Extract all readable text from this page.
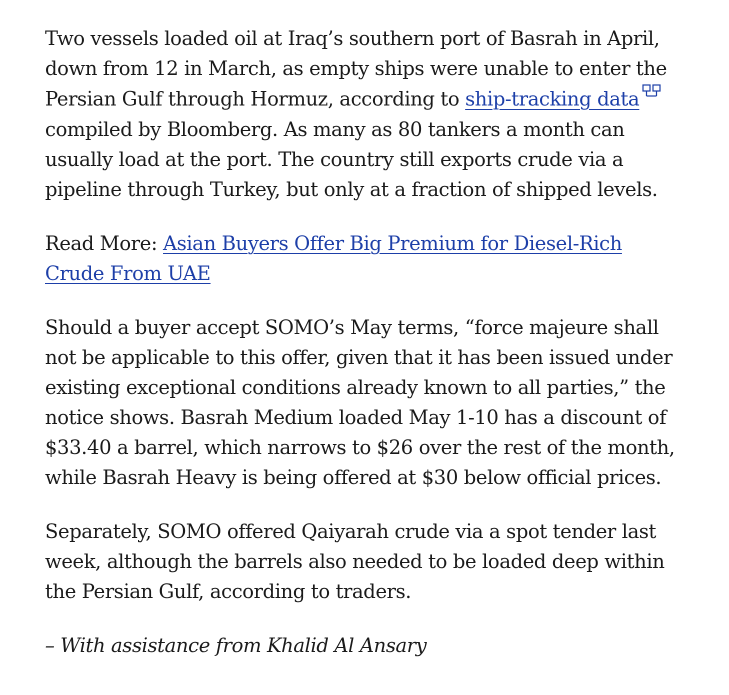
Two vessels loaded oil at Iraq’s southern port of Basrah in April, down from 12 in March, as empty ships were unable to enter the Persian Gulf through Hormuz, according to ship-tracking data compiled by Bloomberg. As many as 80 tankers a month can usually load at the port. The country still exports crude via a pipeline through Turkey, but only at a fraction of shipped levels.

Read More: Asian Buyers Offer Big Premium for Diesel-Rich Crude From UAE

Should a buyer accept SOMO’s May terms, “force majeure shall not be applicable to this offer, given that it has been issued under existing exceptional conditions already known to all parties,” the notice shows. Basrah Medium loaded May 1-10 has a discount of $33.40 a barrel, which narrows to $26 over the rest of the month, while Basrah Heavy is being offered at $30 below official prices.

Separately, SOMO offered Qaiyarah crude via a spot tender last week, although the barrels also needed to be loaded deep within the Persian Gulf, according to traders.

– With assistance from Khalid Al Ansary
